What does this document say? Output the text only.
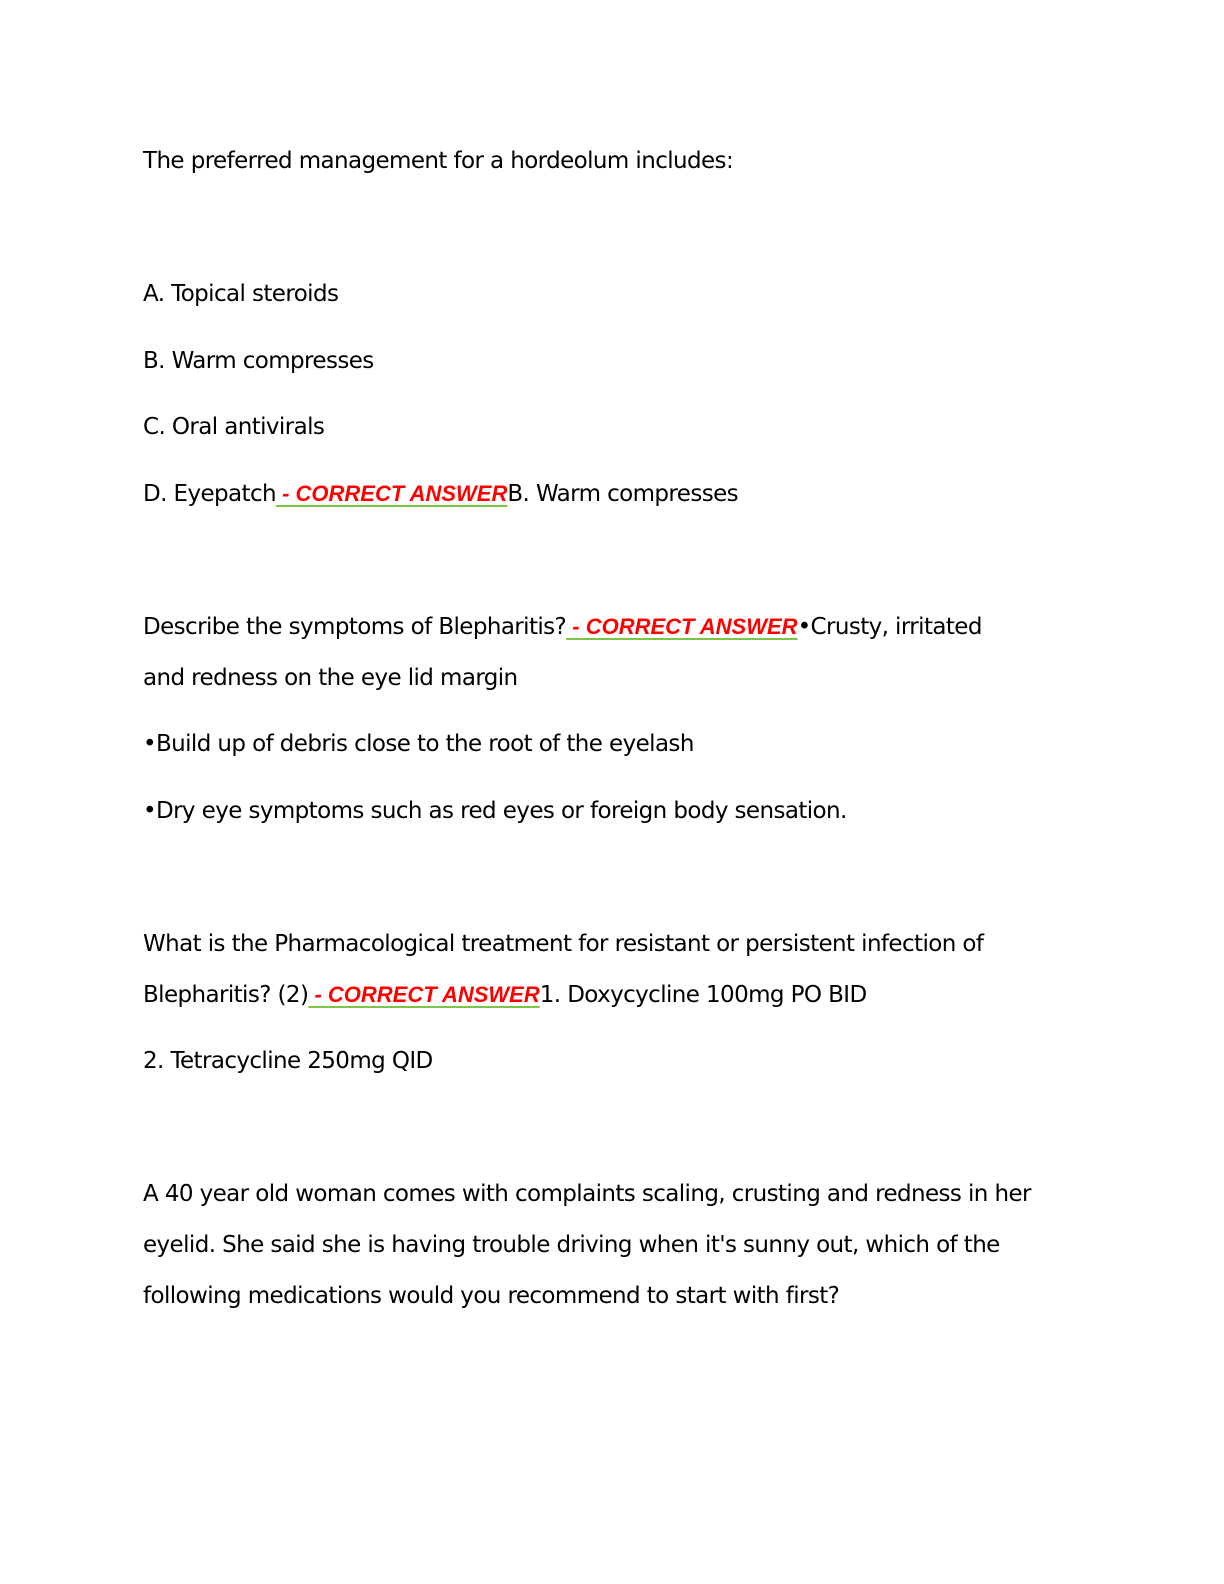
The preferred management for a hordeolum includes:
A. Topical steroids
B. Warm compresses
C. Oral antivirals
D. Eyepatch - CORRECT ANSWERB. Warm compresses
Describe the symptoms of Blepharitis? - CORRECT ANSWER•Crusty, irritated
and redness on the eye lid margin
•Build up of debris close to the root of the eyelash
•Dry eye symptoms such as red eyes or foreign body sensation.
What is the Pharmacological treatment for resistant or persistent infection of
Blepharitis? (2) - CORRECT ANSWER1. Doxycycline 100mg PO BID
2. Tetracycline 250mg QID
A 40 year old woman comes with complaints scaling, crusting and redness in her
eyelid. She said she is having trouble driving when it's sunny out, which of the
following medications would you recommend to start with first?
